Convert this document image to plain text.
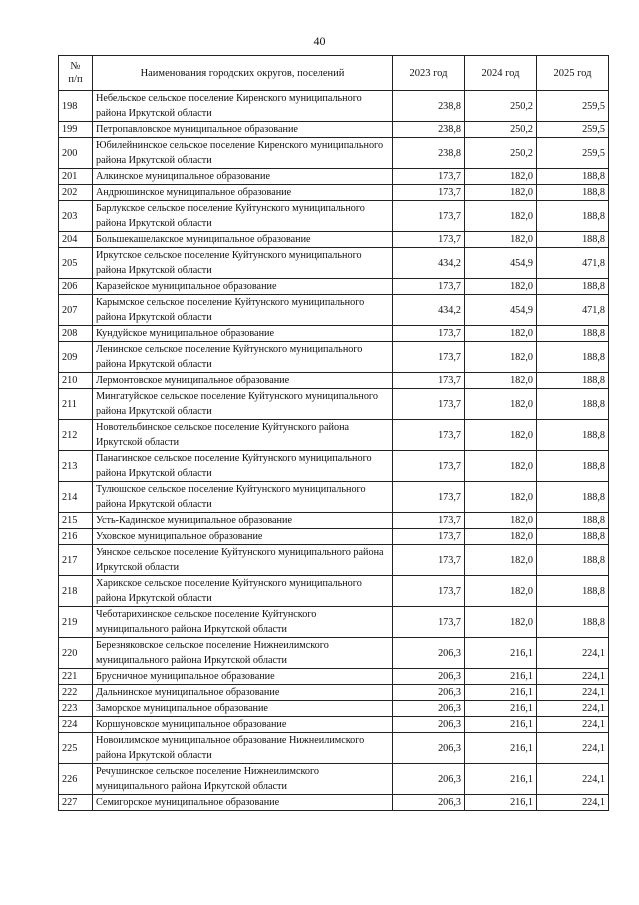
40
№
п/п	Наименования городских округов, поселений	2023 год	2024 год	2025 год
198	Небельское сельское поселение Киренского муниципального района Иркутской области	238,8	250,2	259,5
199	Петропавловское муниципальное образование	238,8	250,2	259,5
200	Юбилейнинское сельское поселение Киренского муниципального района Иркутской области	238,8	250,2	259,5
201	Алкинское муниципальное образование	173,7	182,0	188,8
202	Андрюшинское муниципальное образование	173,7	182,0	188,8
203	Барлукское сельское поселение Куйтунского муниципального района Иркутской области	173,7	182,0	188,8
204	Большекашелакское муниципальное образование	173,7	182,0	188,8
205	Иркутское сельское поселение Куйтунского муниципального района Иркутской области	434,2	454,9	471,8
206	Каразейское муниципальное образование	173,7	182,0	188,8
207	Карымское сельское поселение Куйтунского муниципального района Иркутской области	434,2	454,9	471,8
208	Кундуйское муниципальное образование	173,7	182,0	188,8
209	Ленинское сельское поселение Куйтунского муниципального района Иркутской области	173,7	182,0	188,8
210	Лермонтовское муниципальное образование	173,7	182,0	188,8
211	Мингатуйское сельское поселение Куйтунского муниципального района Иркутской области	173,7	182,0	188,8
212	Новотельбинское сельское поселение Куйтунского района Иркутской области	173,7	182,0	188,8
213	Панагинское сельское поселение Куйтунского муниципального района Иркутской области	173,7	182,0	188,8
214	Тулюшское сельское поселение Куйтунского муниципального района Иркутской области	173,7	182,0	188,8
215	Усть-Кадинское муниципальное образование	173,7	182,0	188,8
216	Уховское муниципальное образование	173,7	182,0	188,8
217	Уянское сельское поселение Куйтунского муниципального района Иркутской области	173,7	182,0	188,8
218	Харикское сельское поселение Куйтунского муниципального района Иркутской области	173,7	182,0	188,8
219	Чеботарихинское сельское поселение Куйтунского муниципального района Иркутской области	173,7	182,0	188,8
220	Березняковское сельское поселение Нижнеилимского муниципального района Иркутской области	206,3	216,1	224,1
221	Брусничное муниципальное образование	206,3	216,1	224,1
222	Дальнинское муниципальное образование	206,3	216,1	224,1
223	Заморское муниципальное образование	206,3	216,1	224,1
224	Коршуновское муниципальное образование	206,3	216,1	224,1
225	Новоилимское муниципальное образование Нижнеилимского района Иркутской области	206,3	216,1	224,1
226	Речушинское сельское поселение Нижнеилимского муниципального района Иркутской области	206,3	216,1	224,1
227	Семигорское муниципальное образование	206,3	216,1	224,1
